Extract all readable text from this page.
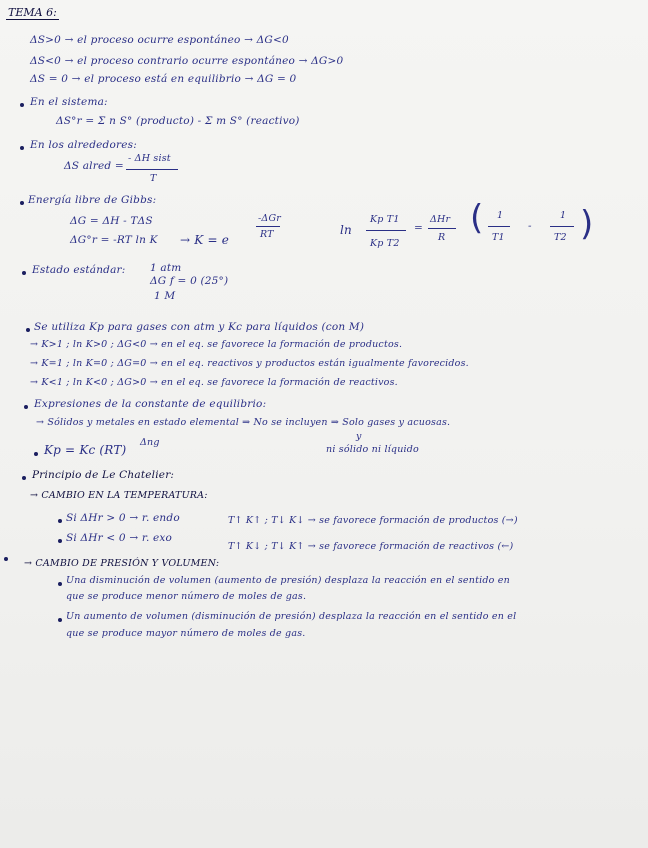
TEMA 6:
ΔS>0 → el proceso ocurre espontáneo → ΔG<0
ΔS<0 → el proceso contrario ocurre espontáneo → ΔG>0
ΔS = 0 → el proceso está en equilibrio → ΔG = 0
En el sistema:
ΔS°r = Σ n S° (producto) - Σ m S° (reactivo)
En los alrededores:
ΔS alred =
- ΔH sist
T
Energía libre de Gibbs:
ΔG = ΔH - TΔS
ΔG°r = -RT ln K → K = e
-ΔGr
RT	ln
Kp T1
Kp T2
=
ΔHr
R ( 1
T1
-
1
T2 )
Estado estándar: 1 atm
ΔG f = 0 (25°)
1 M
Se utiliza Kp para gases con atm y Kc para líquidos (con M)
→ K>1 ; ln K>0 ; ΔG<0 → en el eq. se favorece la formación de productos.
→ K=1 ; ln K=0 ; ΔG=0 → en el eq. reactivos y productos están igualmente favorecidos.
→ K<1 ; ln K<0 ; ΔG>0 → en el eq. se favorece la formación de reactivos.
Expresiones de la constante de equilibrio:
→ Sólidos y metales en estado elemental ⇒ No se incluyen ⇒ Solo gases y acuosas.
Kp = Kc (RT)
Δng
y
ni sólido ni líquido
Principio de Le Chatelier:
→ CAMBIO EN LA TEMPERATURA:
Si ΔHr > 0 → r. endo	T↑ K↑ ; T↓ K↓ → se favorece formación de productos (→)
Si ΔHr < 0 → r. exo
T↑ K↓ ; T↓ K↑ → se favorece formación de reactivos (←)
→ CAMBIO DE PRESIÓN Y VOLUMEN:
Una disminución de volumen (aumento de presión) desplaza la reacción en el sentido en
que se produce menor número de moles de gas.
Un aumento de volumen (disminución de presión) desplaza la reacción en el sentido en el
que se produce mayor número de moles de gas.
